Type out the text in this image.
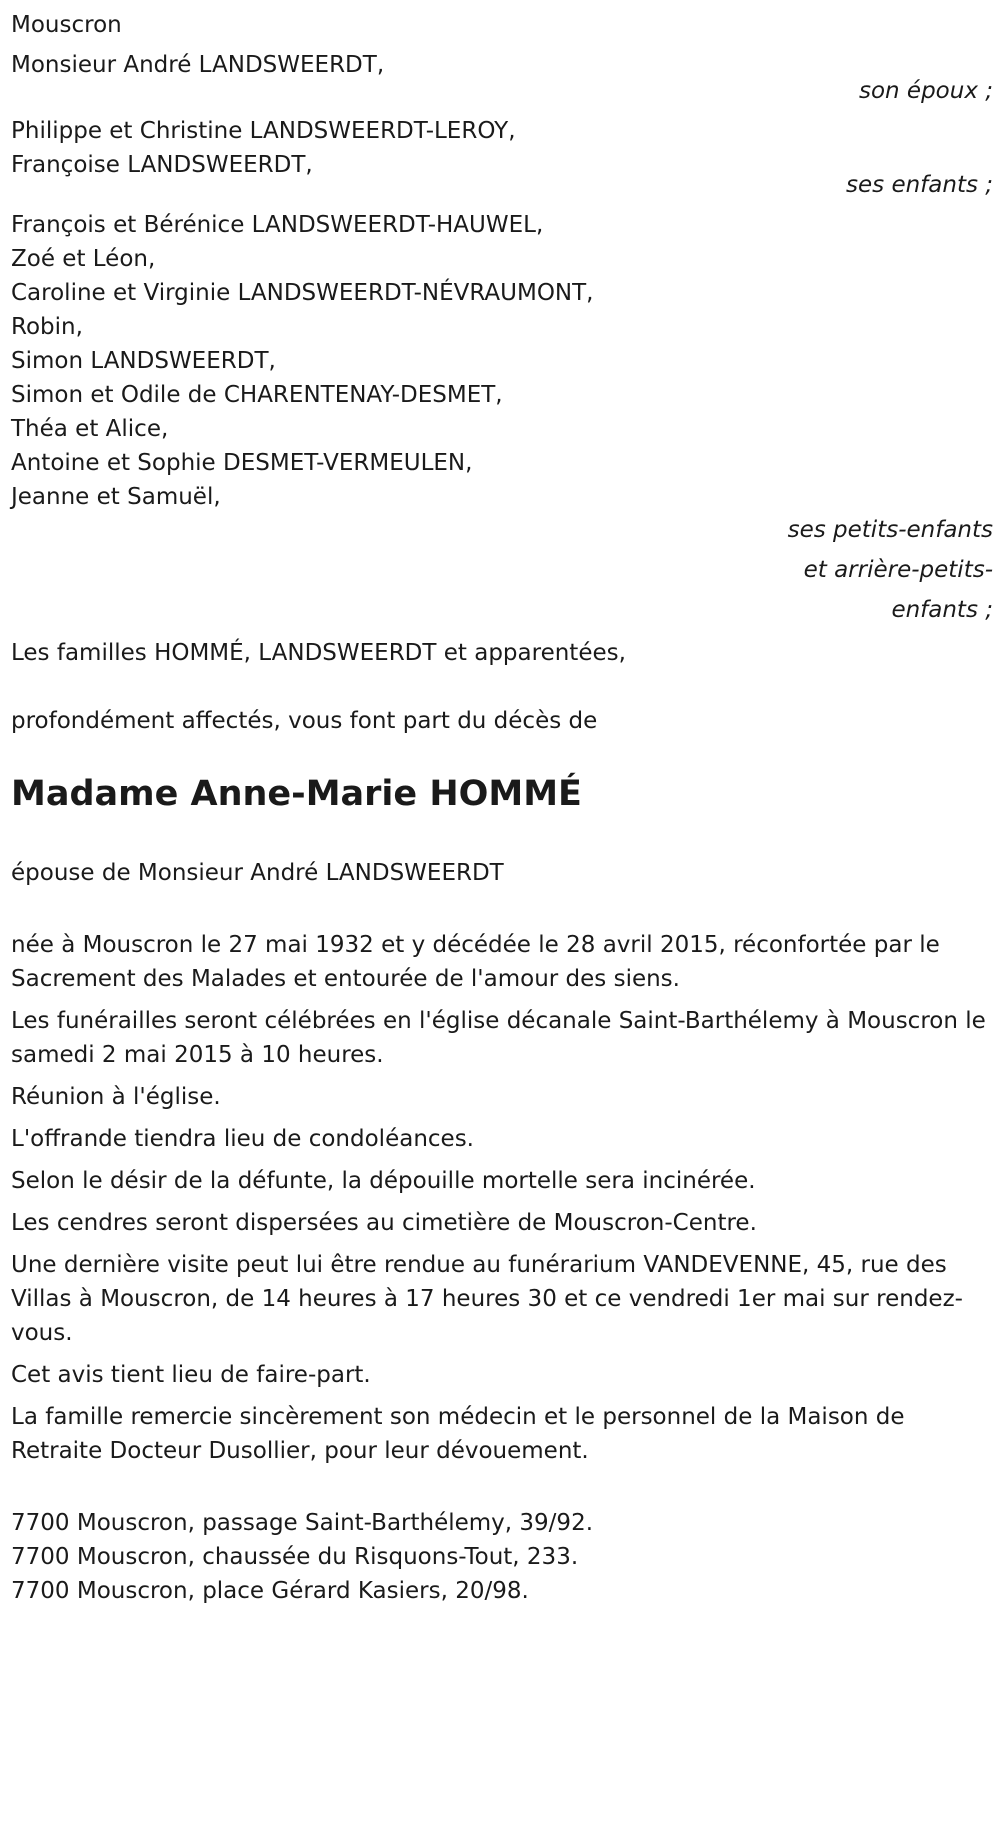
Mouscron
Monsieur André LANDSWEERDT,
son époux ;
Philippe et Christine LANDSWEERDT-LEROY,
Françoise LANDSWEERDT,
ses enfants ;
François et Bérénice LANDSWEERDT-HAUWEL,
Zoé et Léon,
Caroline et Virginie LANDSWEERDT-NÉVRAUMONT,
Robin,
Simon LANDSWEERDT,
Simon et Odile de CHARENTENAY-DESMET,
Théa et Alice,
Antoine et Sophie DESMET-VERMEULEN,
Jeanne et Samuël,
ses petits-enfants
et arrière-petits-
enfants ;
Les familles HOMMÉ, LANDSWEERDT et apparentées,
profondément affectés, vous font part du décès de
Madame Anne-Marie HOMMÉ
épouse de Monsieur André LANDSWEERDT

née à Mouscron le 27 mai 1932 et y décédée le 28 avril 2015, réconfortée par le Sacrement des Malades et entourée de l'amour des siens.

Les funérailles seront célébrées en l'église décanale Saint-Barthélemy à Mouscron le samedi 2 mai 2015 à 10 heures.

Réunion à l'église.

L'offrande tiendra lieu de condoléances.

Selon le désir de la défunte, la dépouille mortelle sera incinérée.

Les cendres seront dispersées au cimetière de Mouscron-Centre.

Une dernière visite peut lui être rendue au funérarium VANDEVENNE, 45, rue des Villas à Mouscron, de 14 heures à 17 heures 30 et ce vendredi 1er mai sur rendez-vous.

Cet avis tient lieu de faire-part.

La famille remercie sincèrement son médecin et le personnel de la Maison de Retraite Docteur Dusollier, pour leur dévouement.

7700 Mouscron, passage Saint-Barthélemy, 39/92.
7700 Mouscron, chaussée du Risquons-Tout, 233.
7700 Mouscron, place Gérard Kasiers, 20/98.
